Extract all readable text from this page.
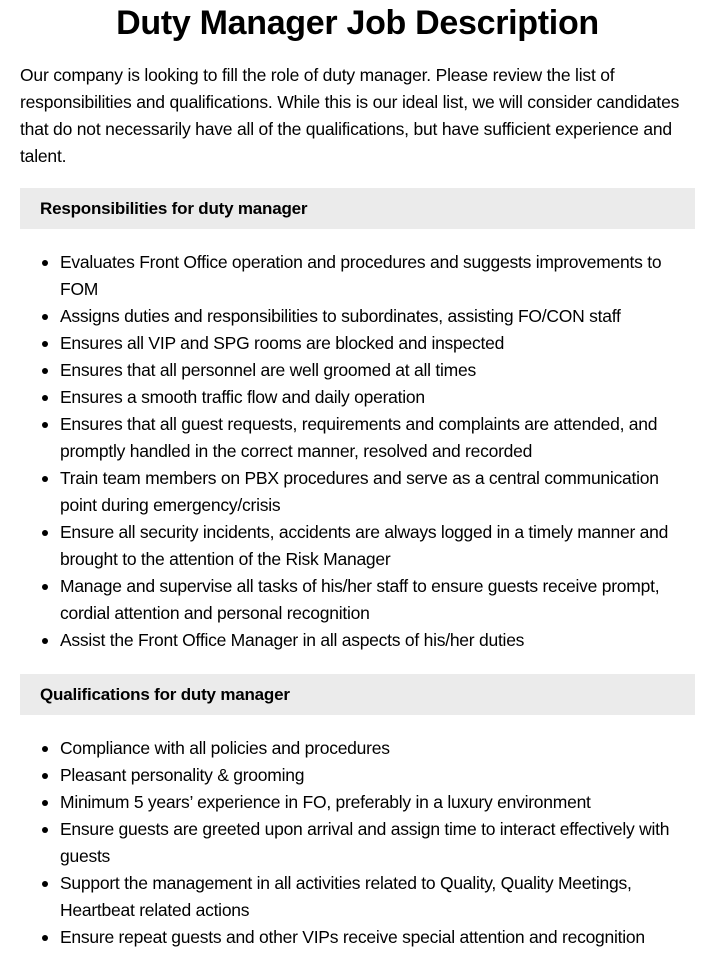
Duty Manager Job Description

Our company is looking to fill the role of duty manager. Please review the list of responsibilities and qualifications. While this is our ideal list, we will consider candidates that do not necessarily have all of the qualifications, but have sufficient experience and talent.

Responsibilities for duty manager
Evaluates Front Office operation and procedures and suggests improvements to FOM
Assigns duties and responsibilities to subordinates, assisting FO/CON staff
Ensures all VIP and SPG rooms are blocked and inspected
Ensures that all personnel are well groomed at all times
Ensures a smooth traffic flow and daily operation
Ensures that all guest requests, requirements and complaints are attended, and promptly handled in the correct manner, resolved and recorded
Train team members on PBX procedures and serve as a central communication point during emergency/crisis
Ensure all security incidents, accidents are always logged in a timely manner and brought to the attention of the Risk Manager
Manage and supervise all tasks of his/her staff to ensure guests receive prompt, cordial attention and personal recognition
Assist the Front Office Manager in all aspects of his/her duties
Qualifications for duty manager
Compliance with all policies and procedures
Pleasant personality & grooming
Minimum 5 years’ experience in FO, preferably in a luxury environment
Ensure guests are greeted upon arrival and assign time to interact effectively with guests
Support the management in all activities related to Quality, Quality Meetings, Heartbeat related actions
Ensure repeat guests and other VIPs receive special attention and recognition
